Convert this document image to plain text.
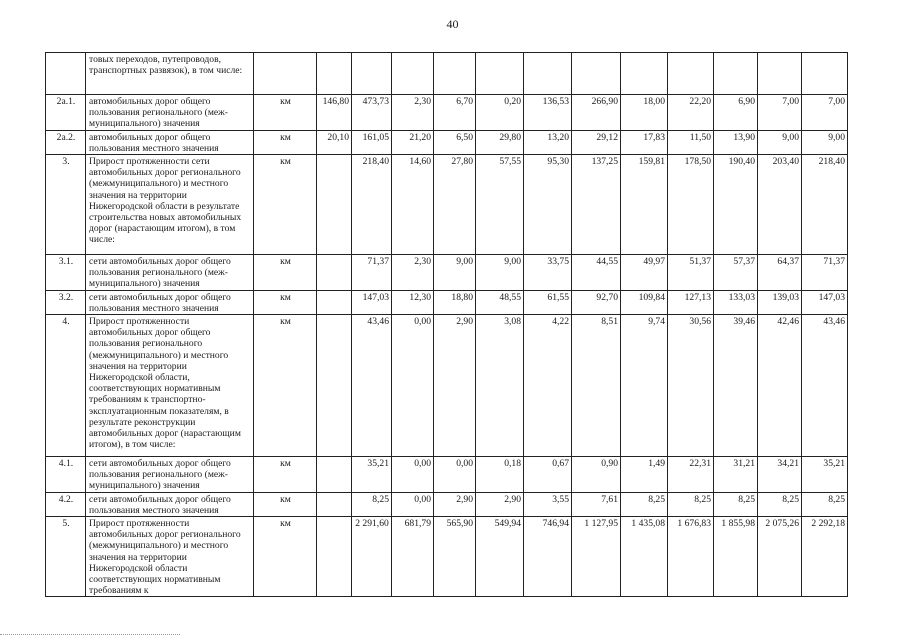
40
	товых переходов, путепроводов, транспортных развязок), в том числе:													
2а.1.	автомобильных дорог общего пользования регионального (меж-муниципального) значения	км	146,80	473,73	2,30	6,70	0,20	136,53	266,90	18,00	22,20	6,90	7,00	7,00
2а.2.	автомобильных дорог общего пользования местного значения	км	20,10	161,05	21,20	6,50	29,80	13,20	29,12	17,83	11,50	13,90	9,00	9,00
3.	Прирост протяженности сети автомобильных дорог регионального (межмуниципального) и местного значения на территории Нижегородской области в результате строительства новых автомобильных дорог (нарастающим итогом), в том числе:	км		218,40	14,60	27,80	57,55	95,30	137,25	159,81	178,50	190,40	203,40	218,40
3.1.	сети автомобильных дорог общего пользования регионального (меж-муниципального) значения	км		71,37	2,30	9,00	9,00	33,75	44,55	49,97	51,37	57,37	64,37	71,37
3.2.	сети автомобильных дорог общего пользования местного значения	км		147,03	12,30	18,80	48,55	61,55	92,70	109,84	127,13	133,03	139,03	147,03
4.	Прирост протяженности автомобильных дорог общего пользования регионального (межмуниципального) и местного значения на территории Нижегородской области, соответствующих нормативным требованиям к транспортно-эксплуатационным показателям, в результате реконструкции автомобильных дорог (нарастающим итогом), в том числе:	км		43,46	0,00	2,90	3,08	4,22	8,51	9,74	30,56	39,46	42,46	43,46
4.1.	сети автомобильных дорог общего пользования регионального (меж-муниципального) значения	км		35,21	0,00	0,00	0,18	0,67	0,90	1,49	22,31	31,21	34,21	35,21
4.2.	сети автомобильных дорог общего пользования местного значения	км		8,25	0,00	2,90	2,90	3,55	7,61	8,25	8,25	8,25	8,25	8,25
5.	Прирост протяженности автомобильных дорог регионального (межмуниципального) и местного значения на территории Нижегородской области соответствующих нормативным требованиям к	км		2 291,60	681,79	565,90	549,94	746,94	1 127,95	1 435,08	1 676,83	1 855,98	2 075,26	2 292,18
